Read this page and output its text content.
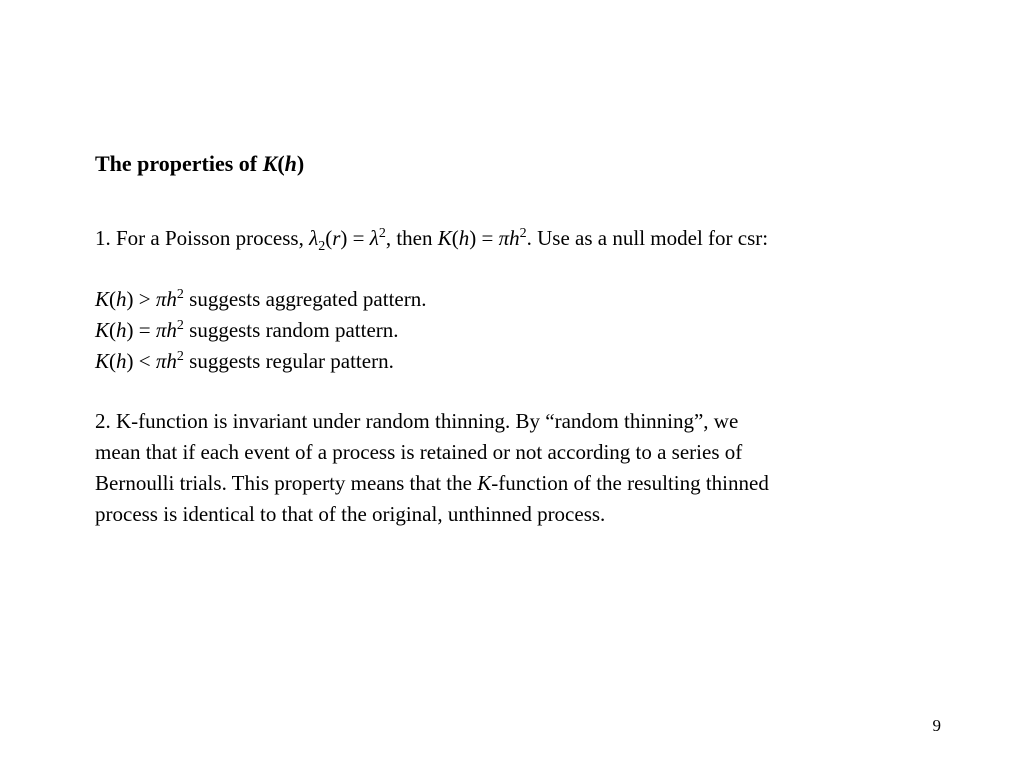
The properties of K(h)
1. For a Poisson process, $\lambda_2(r) = \lambda^2$, then $K(h) = \pi h^2$. Use as a null model for csr:
$K(h) > \pi h^2$ suggests aggregated pattern.
$K(h) = \pi h^2$ suggests random pattern.
$K(h) < \pi h^2$ suggests regular pattern.
2. K-function is invariant under random thinning. By “random thinning”, we
mean that if each event of a process is retained or not according to a series of
Bernoulli trials. This property means that the K-function of the resulting thinned
process is identical to that of the original, unthinned process.
9
